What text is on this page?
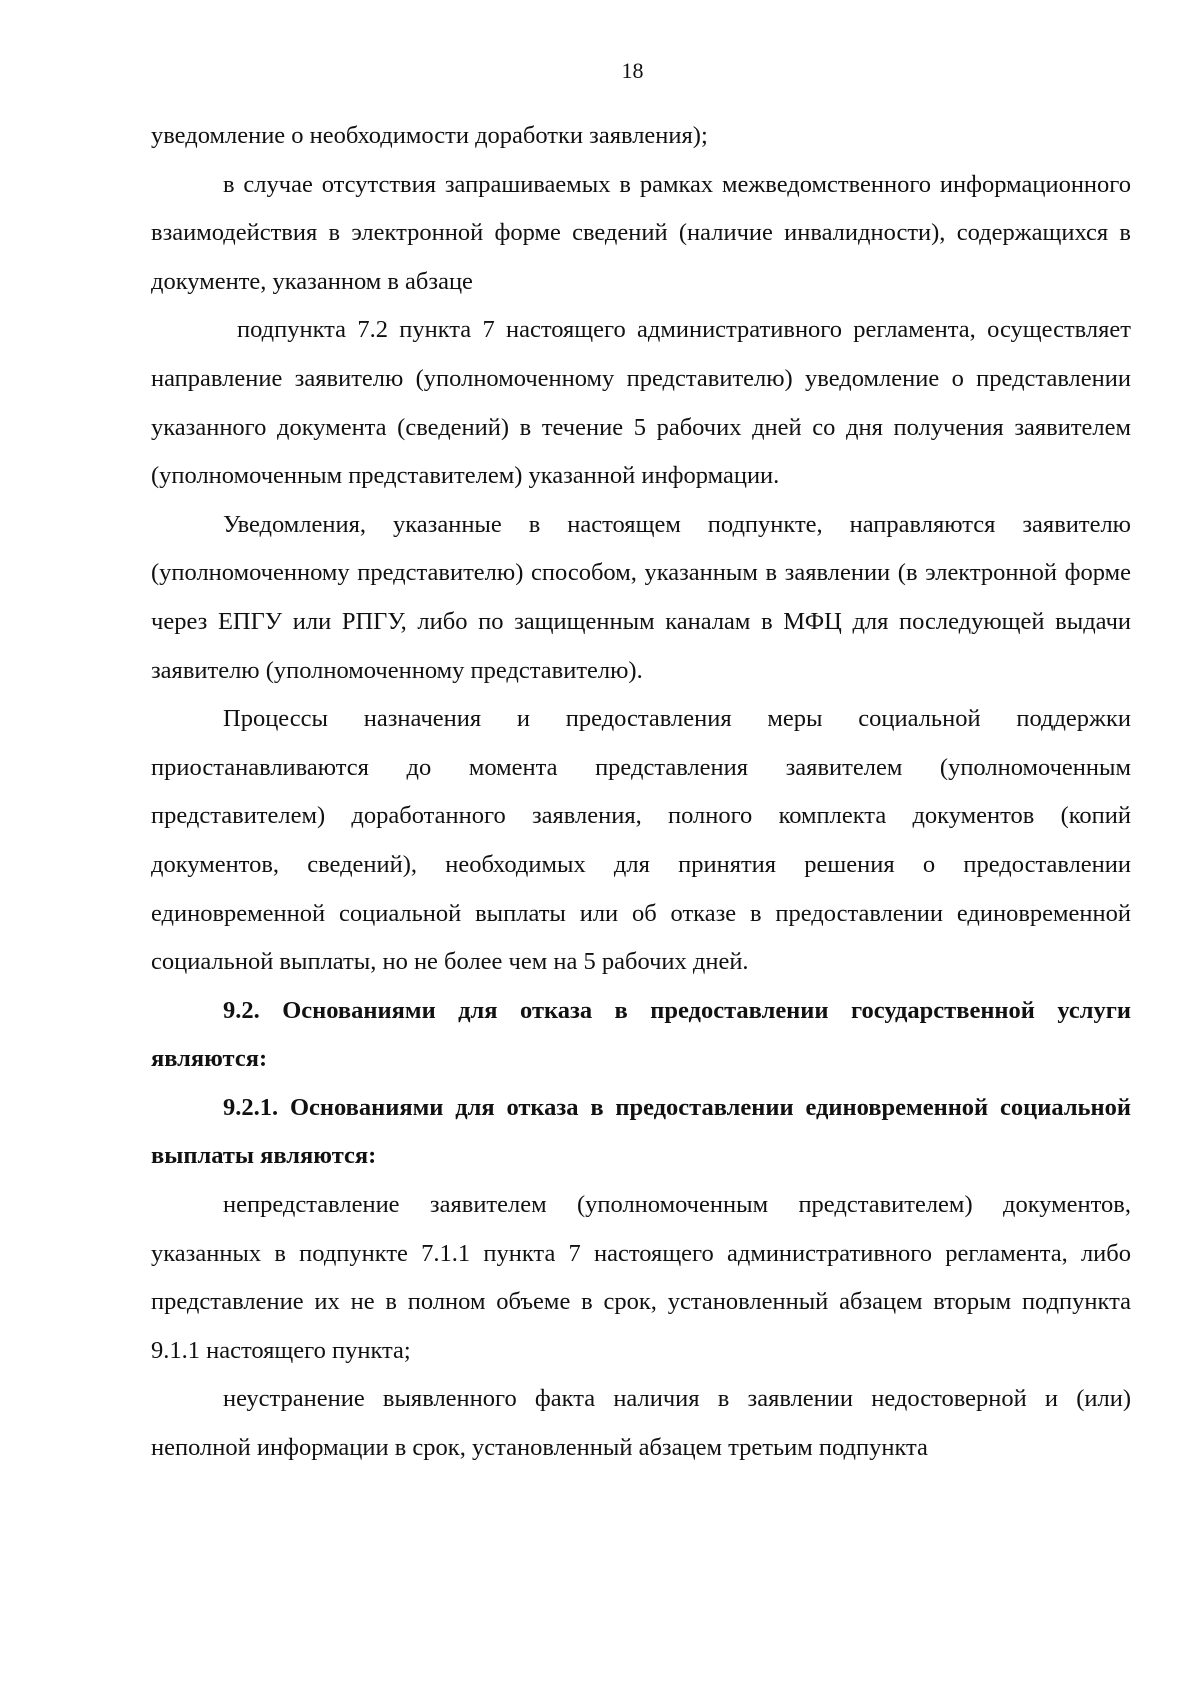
18

уведомление о необходимости доработки заявления);

в случае отсутствия запрашиваемых в рамках межведомственного информационного взаимодействия в электронной форме сведений (наличие инвалидности), содержащихся в документе, указанном в абзаце

подпункта 7.2 пункта 7 настоящего административного регламента, осуществляет направление заявителю (уполномоченному представителю) уведомление о представлении указанного документа (сведений) в течение 5 рабочих дней со дня получения заявителем (уполномоченным представителем) указанной информации.

Уведомления, указанные в настоящем подпункте, направляются заявителю (уполномоченному представителю) способом, указанным в заявлении (в электронной форме через ЕПГУ или РПГУ, либо по защищенным каналам в МФЦ для последующей выдачи заявителю (уполномоченному представителю).

Процессы назначения и предоставления меры социальной поддержки приостанавливаются до момента представления заявителем (уполномоченным представителем) доработанного заявления, полного комплекта документов (копий документов, сведений), необходимых для принятия решения о предоставлении единовременной социальной выплаты или об отказе в предоставлении единовременной социальной выплаты, но не более чем на 5 рабочих дней.

9.2. Основаниями для отказа в предоставлении государственной услуги являются:

9.2.1. Основаниями для отказа в предоставлении единовременной социальной выплаты являются:

непредставление заявителем (уполномоченным представителем) документов, указанных в подпункте 7.1.1 пункта 7 настоящего административного регламента, либо представление их не в полном объеме в срок, установленный абзацем вторым подпункта 9.1.1 настоящего пункта;

неустранение выявленного факта наличия в заявлении недостоверной и (или) неполной информации в срок, установленный абзацем третьим подпункта
